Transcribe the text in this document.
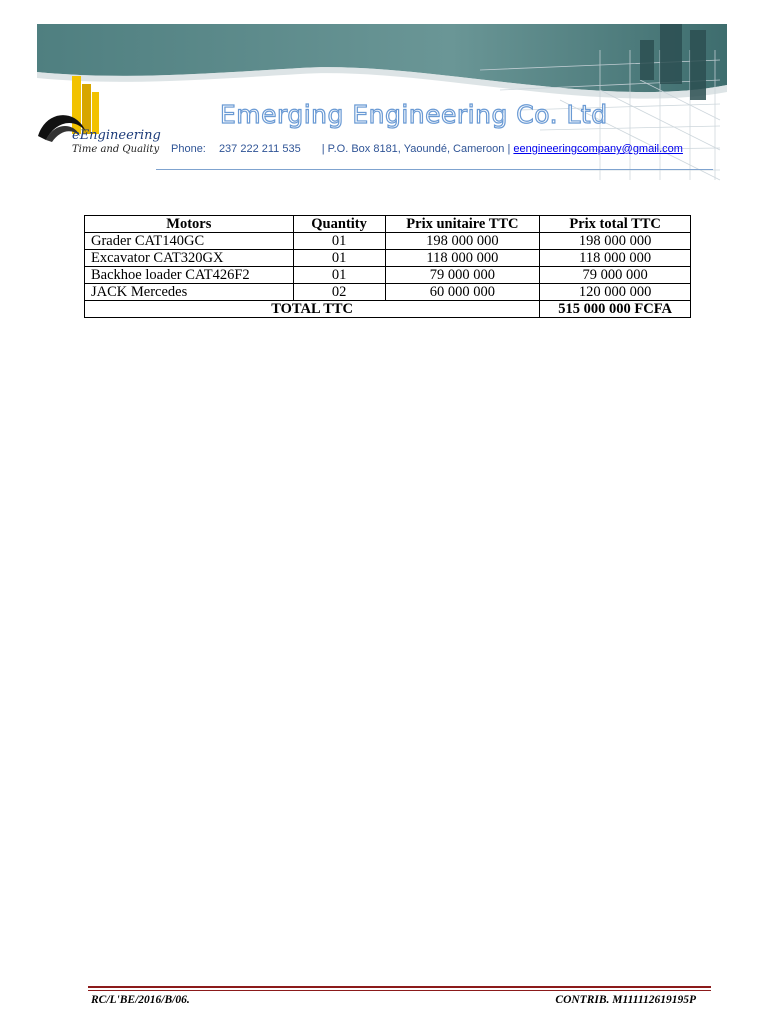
eEngineering
Time and Quality
Emerging Engineering Co. Ltd
Phone: 237 222 211 535 | P.O. Box 8181, Yaoundé, Cameroon | eengineeringcompany@gmail.com
Motors	Quantity	Prix unitaire TTC	Prix total TTC
Grader CAT140GC	01	198 000 000	198 000 000
Excavator CAT320GX	01	118 000 000	118 000 000
Backhoe loader CAT426F2	01	79 000 000	79 000 000
JACK Mercedes	02	60 000 000	120 000 000
TOTAL TTC			515 000 000 FCFA
RC/L'BE/2016/B/06.	CONTRIB. M111112619195P
